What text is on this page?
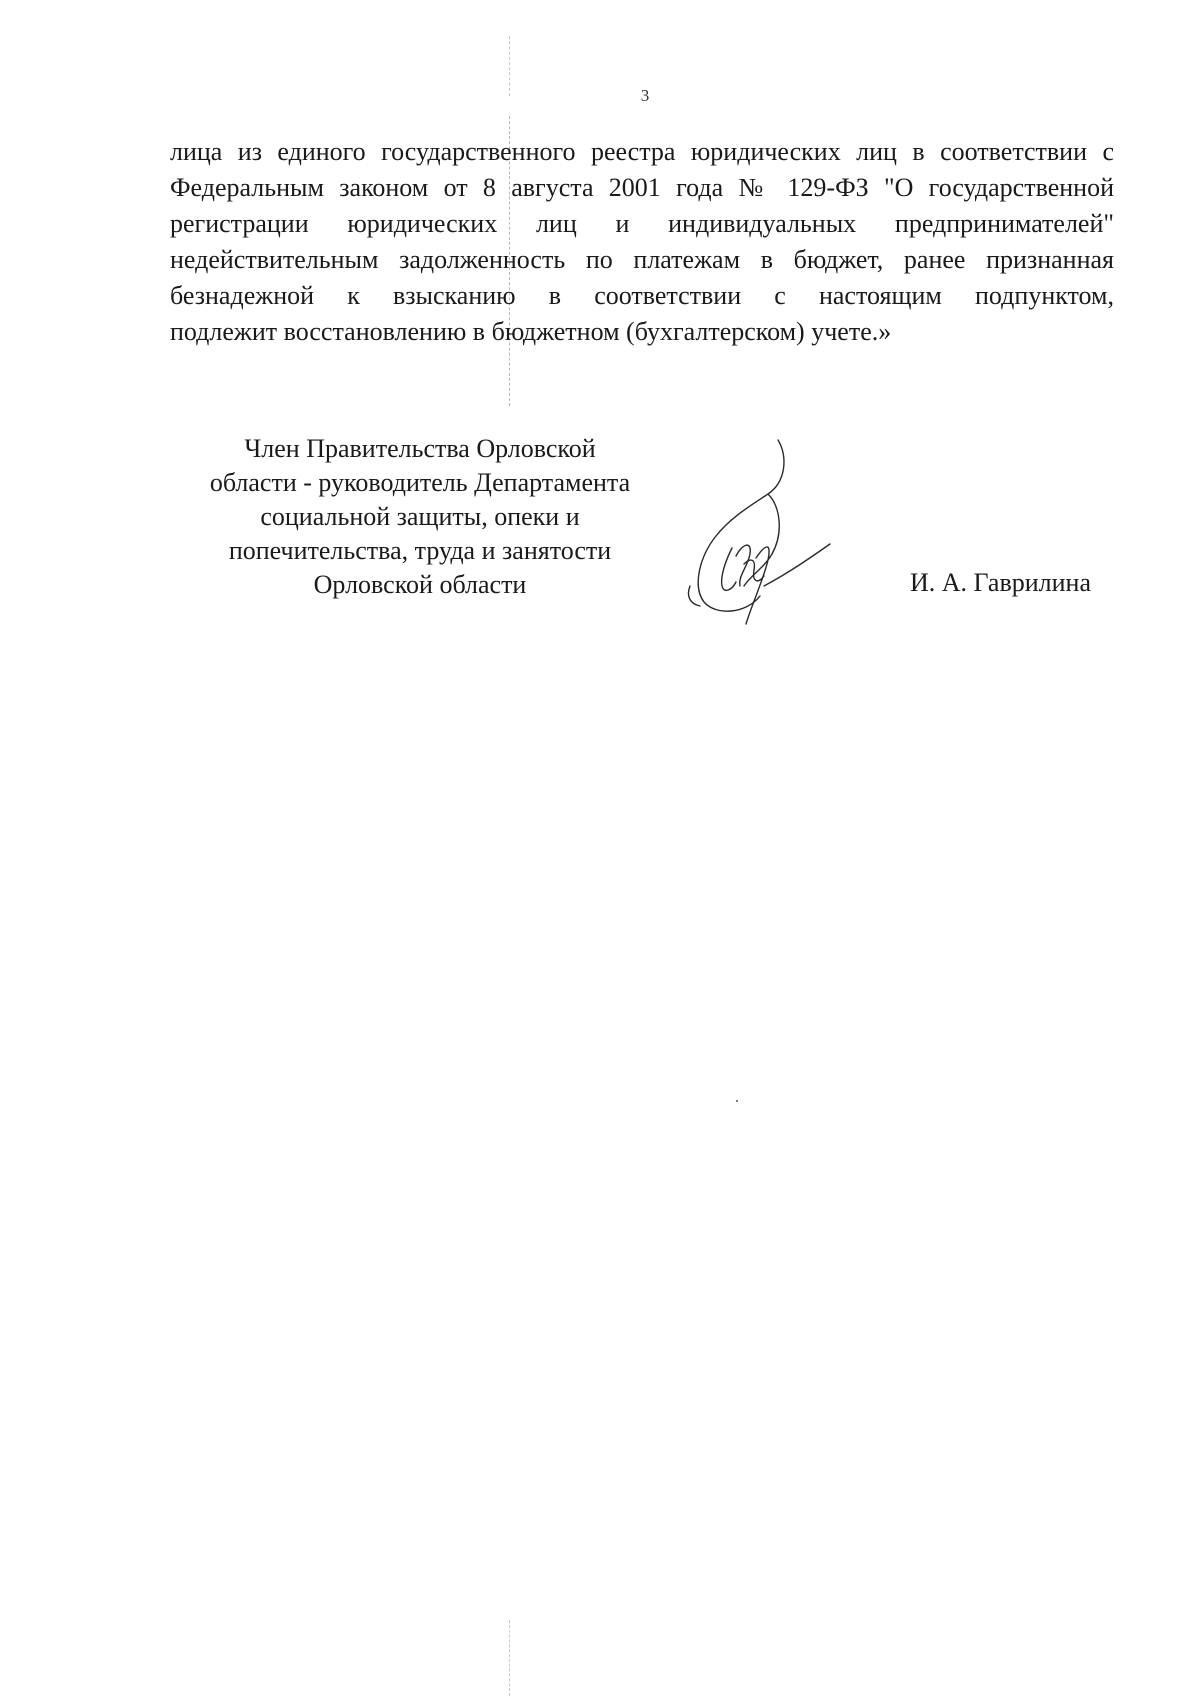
3

лица из единого государственного реестра юридических лиц в соответствии с
Федеральным законом от 8 августа 2001 года № 129-ФЗ "О государственной
регистрации юридических лиц и индивидуальных предпринимателей"
недействительным задолженность по платежам в бюджет, ранее признанная
безнадежной к взысканию в соответствии с настоящим подпунктом,
подлежит восстановлению в бюджетном (бухгалтерском) учете.»

Член Правительства Орловской
области - руководитель Департамента
социальной защиты, опеки и
попечительства, труда и занятости
Орловской области	И. А. Гаврилина
